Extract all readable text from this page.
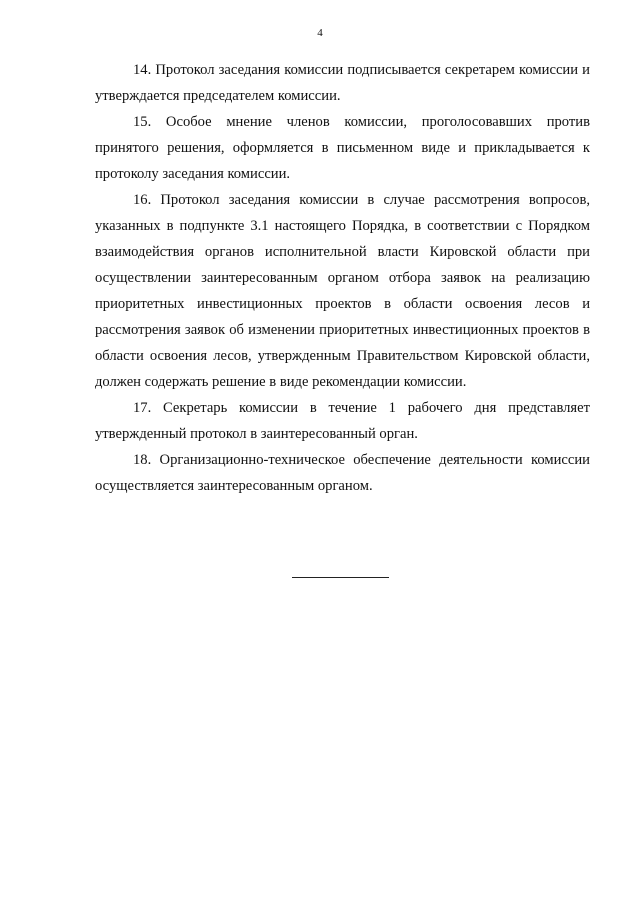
4

14. Протокол заседания комиссии подписывается секретарем комиссии и утверждается председателем комиссии.

15. Особое мнение членов комиссии, проголосовавших против принятого решения, оформляется в письменном виде и прикладывается к протоколу заседания комиссии.

16. Протокол заседания комиссии в случае рассмотрения вопросов, указанных в подпункте 3.1 настоящего Порядка, в соответствии с Порядком взаимодействия органов исполнительной власти Кировской области при осуществлении заинтересованным органом отбора заявок на реализацию приоритетных инвестиционных проектов в области освоения лесов и рассмотрения заявок об изменении приоритетных инвестиционных проектов в области освоения лесов, утвержденным Правительством Кировской области, должен содержать решение в виде рекомендации комиссии.

17. Секретарь комиссии в течение 1 рабочего дня представляет утвержденный протокол в заинтересованный орган.

18. Организационно-техническое обеспечение деятельности комиссии осуществляется заинтересованным органом.
